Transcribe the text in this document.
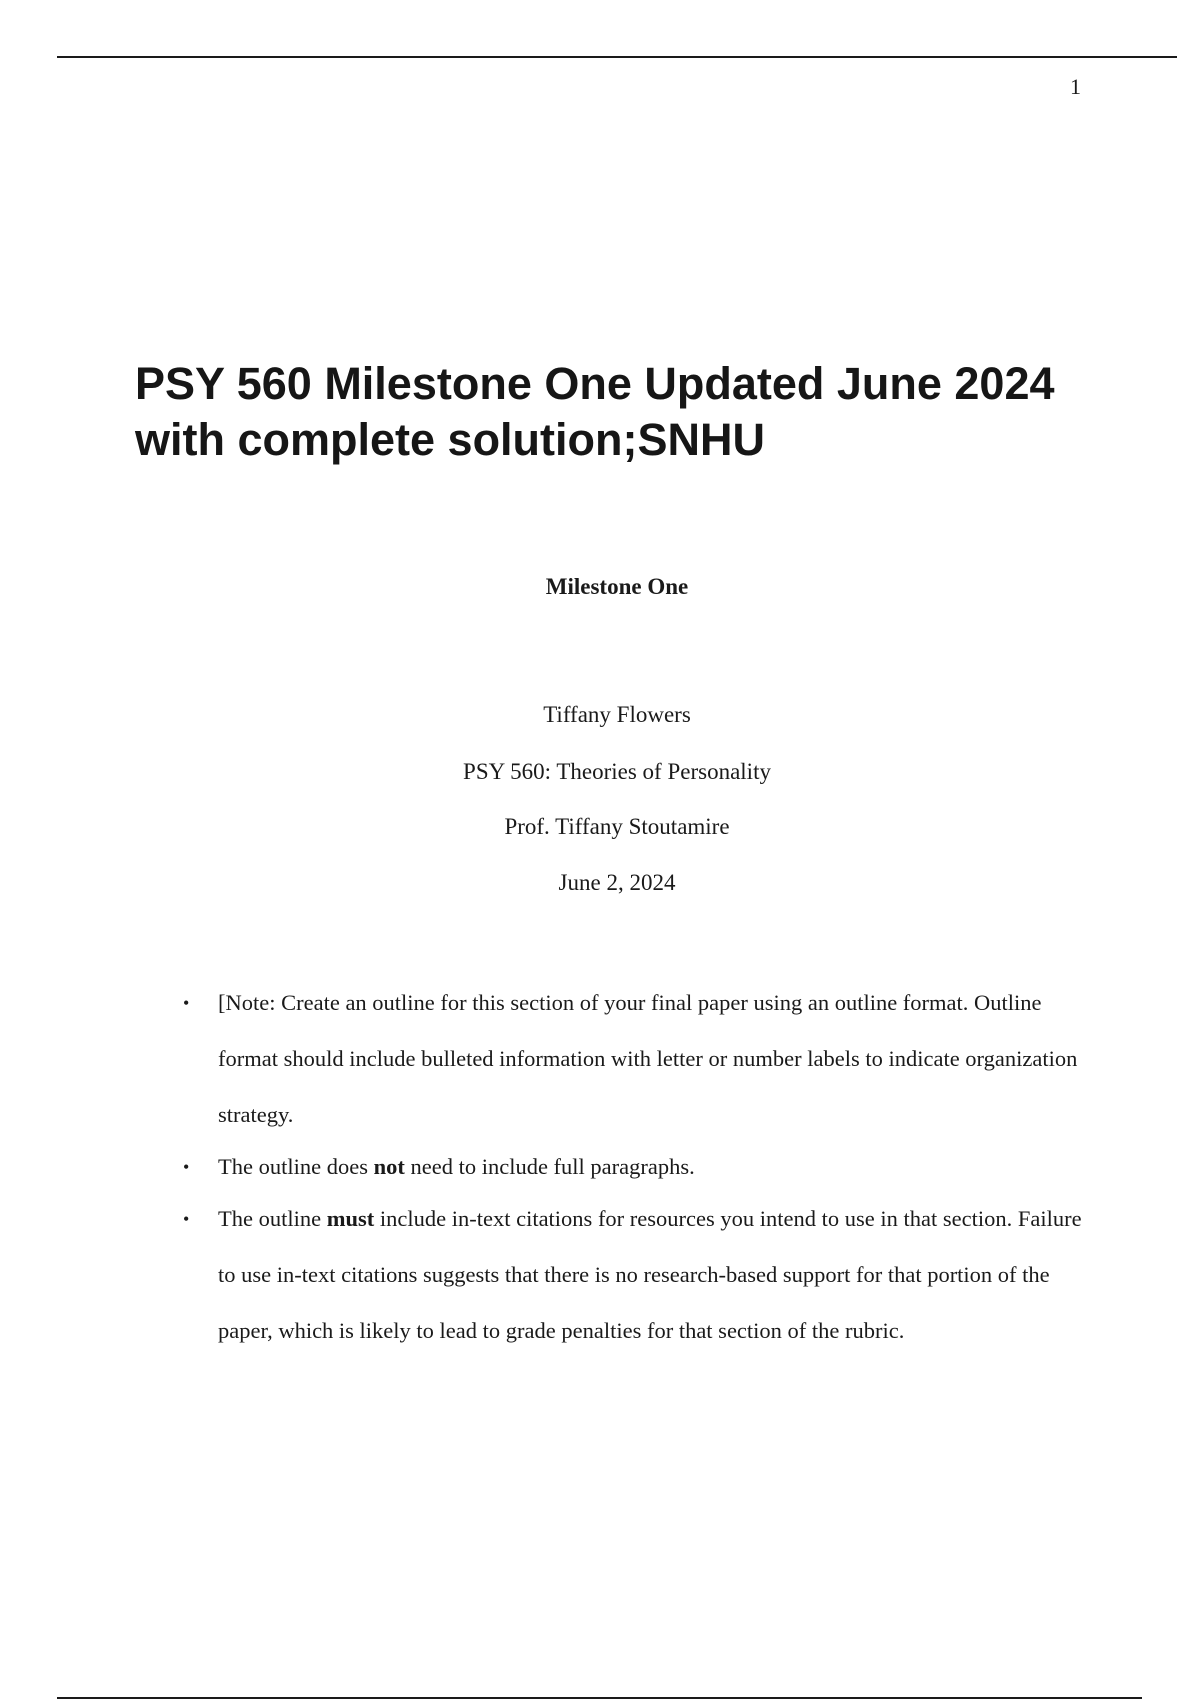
1
PSY 560 Milestone One Updated June 2024 with complete solution;SNHU
Milestone One
Tiffany Flowers
PSY 560: Theories of Personality
Prof. Tiffany Stoutamire
June 2, 2024
• [Note: Create an outline for this section of your final paper using an outline format. Outline format should include bulleted information with letter or number labels to indicate organization strategy.
• The outline does not need to include full paragraphs.
• The outline must include in-text citations for resources you intend to use in that section. Failure to use in-text citations suggests that there is no research-based support for that portion of the paper, which is likely to lead to grade penalties for that section of the rubric.
